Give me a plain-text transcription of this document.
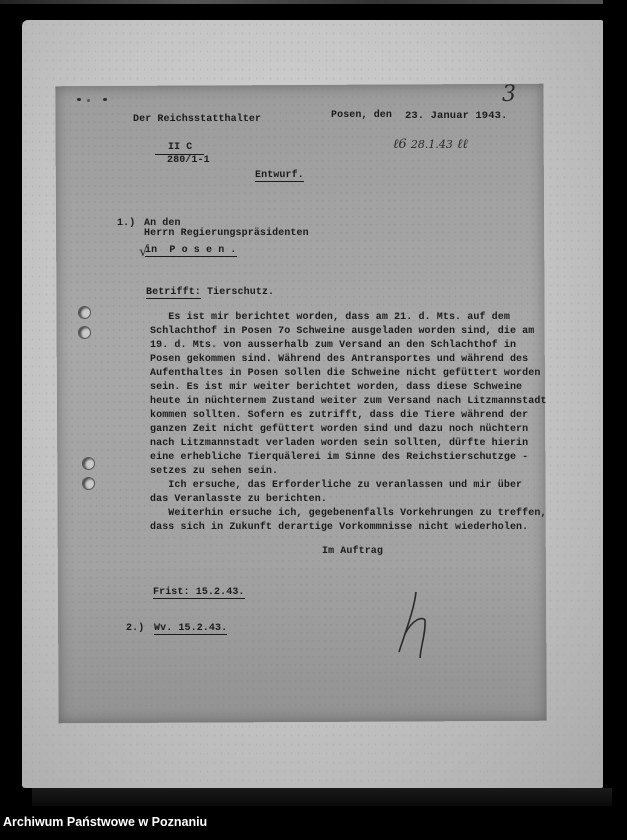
3
Der Reichsstatthalter	Posen, den 23. Januar 1943.
II C
280/1-1
ℓ6 28.1.43 ℓℓ
Entwurf.
1.) An den
Herrn Regierungspräsidenten
√
in  P o s e n .
Betrifft: Tierschutz.
Es ist mir berichtet worden, dass am 21. d. Mts. auf dem
Schlachthof in Posen 7o Schweine ausgeladen worden sind, die am
19. d. Mts. von ausserhalb zum Versand an den Schlachthof in
Posen gekommen sind. Während des Antransportes und während des
Aufenthaltes in Posen sollen die Schweine nicht gefüttert worden
sein. Es ist mir weiter berichtet worden, dass diese Schweine
heute in nüchternem Zustand weiter zum Versand nach Litzmannstadt
kommen sollten. Sofern es zutrifft, dass die Tiere während der
ganzen Zeit nicht gefüttert worden sind und dazu noch nüchtern
nach Litzmannstadt verladen worden sein sollten, dürfte hierin
eine erhebliche Tierquälerei im Sinne des Reichstierschutzge -
setzes zu sehen sein.
Ich ersuche, das Erforderliche zu veranlassen und mir über
das Veranlasste zu berichten.
Weiterhin ersuche ich, gegebenenfalls Vorkehrungen zu treffen,
dass sich in Zukunft derartige Vorkommnisse nicht wiederholen.
Im Auftrag
Frist: 15.2.43.
2.) Wv. 15.2.43.
Archiwum Państwowe w Poznaniu
